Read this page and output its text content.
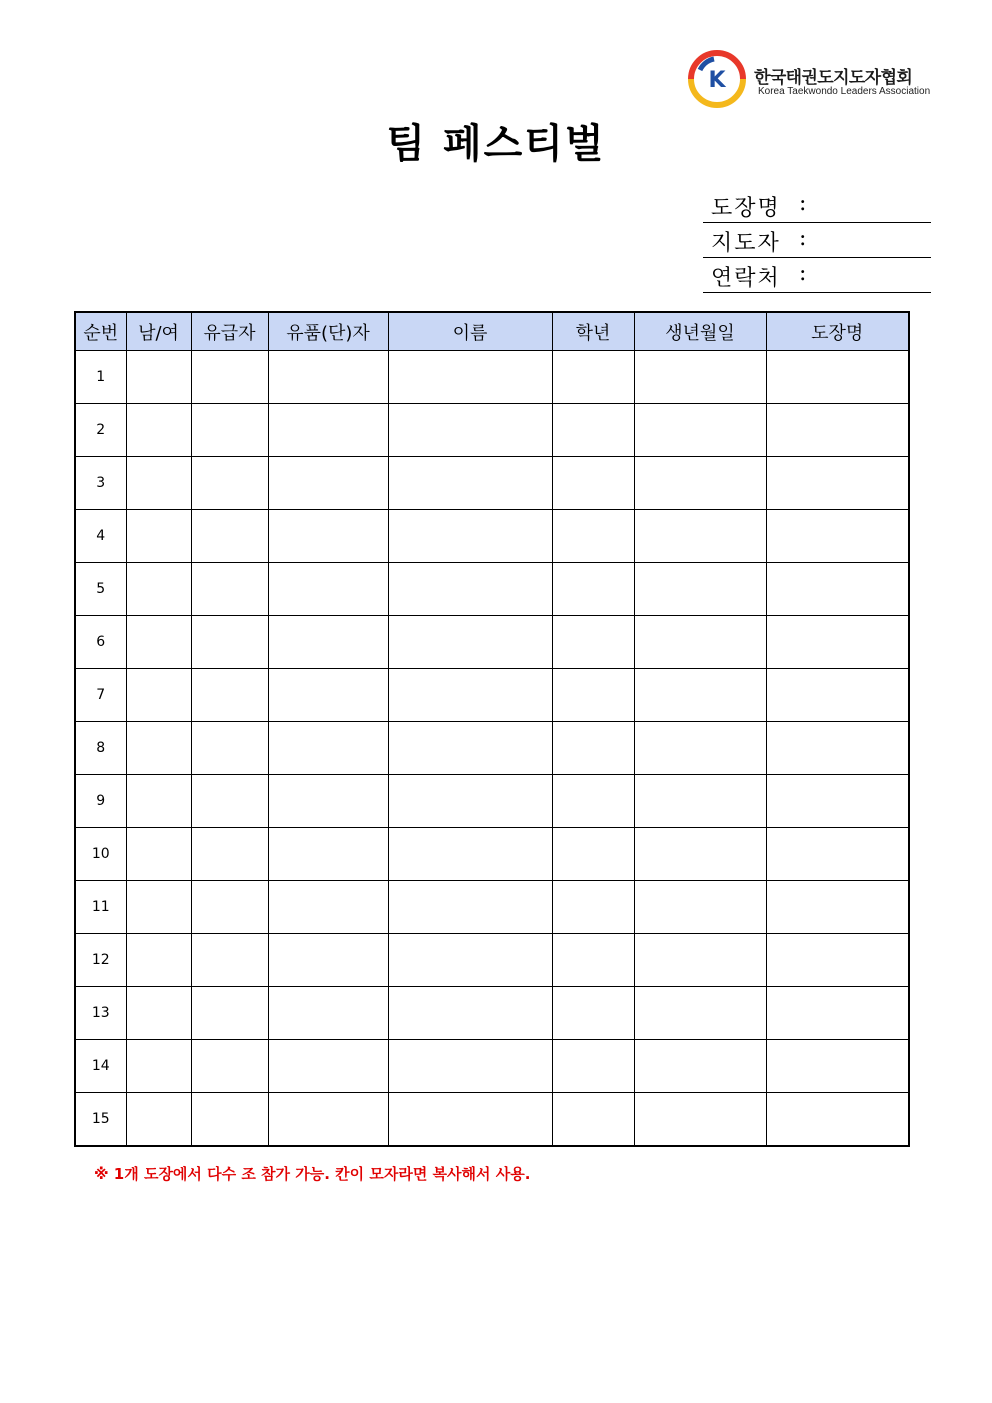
K 한국태권도지도자협회
Korea Taekwondo Leaders Association
팀 페스티벌
도장명 :
지도자 :
연락처 :
순번	남/여	유급자	유품(단)자	이름	학년	생년월일	도장명
1							
2							
3							
4							
5							
6							
7							
8							
9							
10							
11							
12							
13							
14							
15							
※ 1개 도장에서 다수 조 참가 가능. 칸이 모자라면 복사해서 사용.
